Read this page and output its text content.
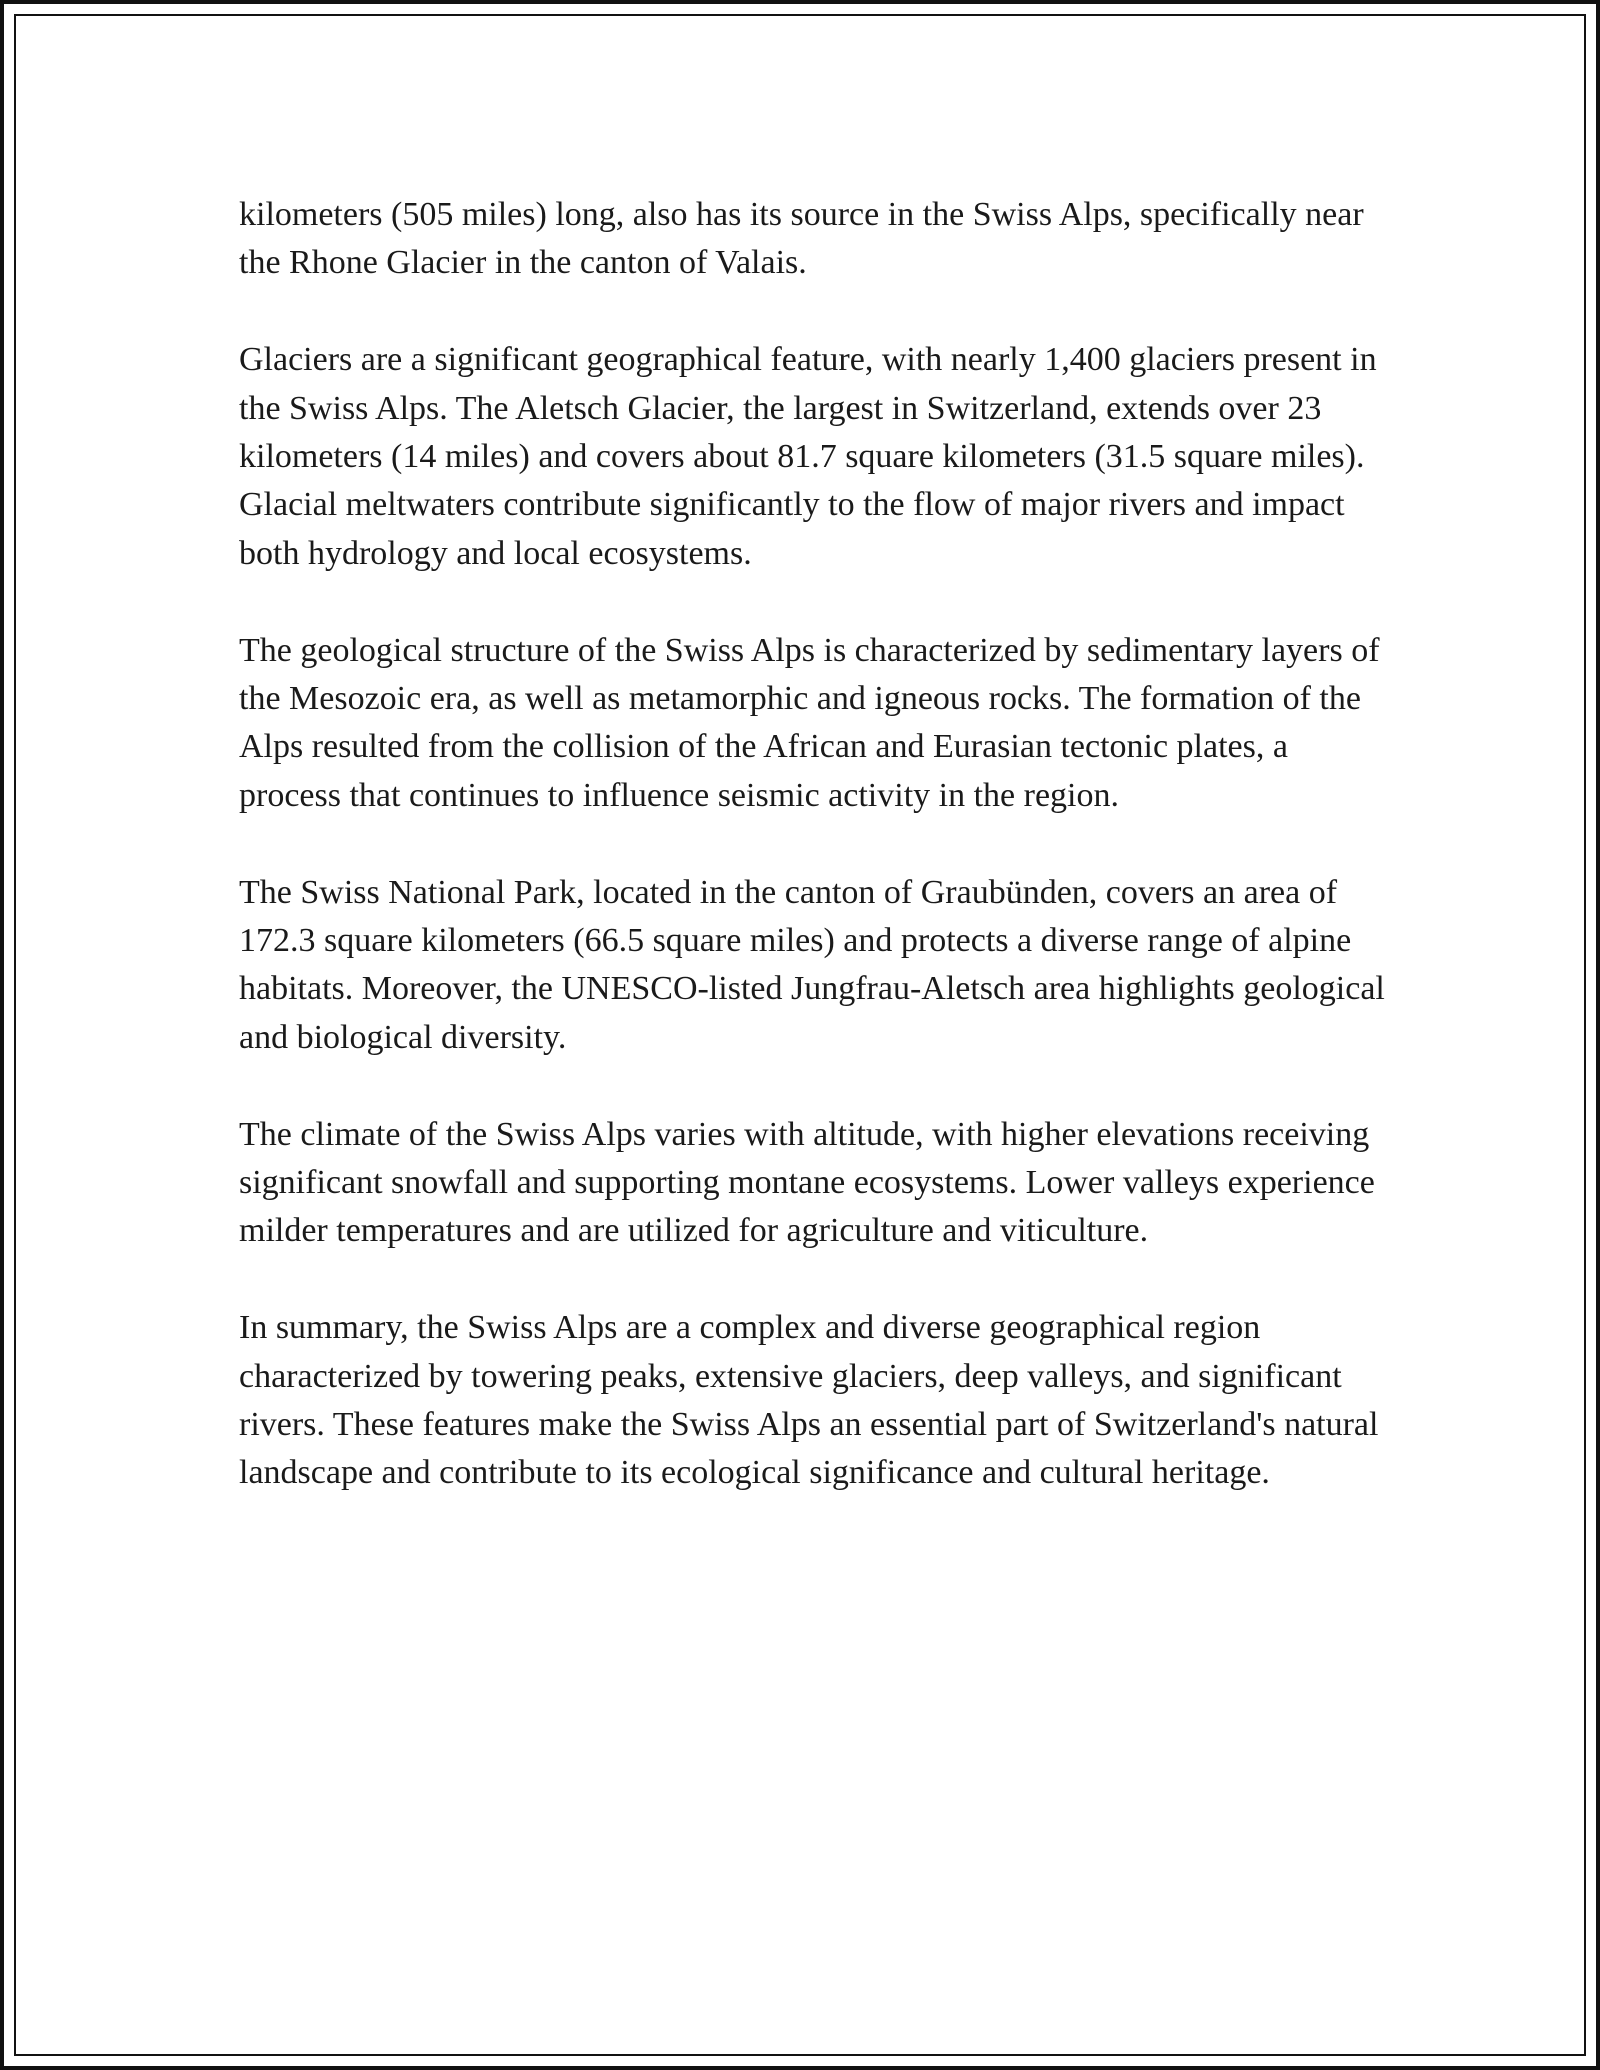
kilometers (505 miles) long, also has its source in the Swiss Alps, specifically near the Rhone Glacier in the canton of Valais.

Glaciers are a significant geographical feature, with nearly 1,400 glaciers present in the Swiss Alps. The Aletsch Glacier, the largest in Switzerland, extends over 23 kilometers (14 miles) and covers about 81.7 square kilometers (31.5 square miles). Glacial meltwaters contribute significantly to the flow of major rivers and impact both hydrology and local ecosystems.

The geological structure of the Swiss Alps is characterized by sedimentary layers of the Mesozoic era, as well as metamorphic and igneous rocks. The formation of the Alps resulted from the collision of the African and Eurasian tectonic plates, a process that continues to influence seismic activity in the region.

The Swiss National Park, located in the canton of Graubünden, covers an area of 172.3 square kilometers (66.5 square miles) and protects a diverse range of alpine habitats. Moreover, the UNESCO-listed Jungfrau-Aletsch area highlights geological and biological diversity.

The climate of the Swiss Alps varies with altitude, with higher elevations receiving significant snowfall and supporting montane ecosystems. Lower valleys experience milder temperatures and are utilized for agriculture and viticulture.

In summary, the Swiss Alps are a complex and diverse geographical region characterized by towering peaks, extensive glaciers, deep valleys, and significant rivers. These features make the Swiss Alps an essential part of Switzerland's natural landscape and contribute to its ecological significance and cultural heritage.
